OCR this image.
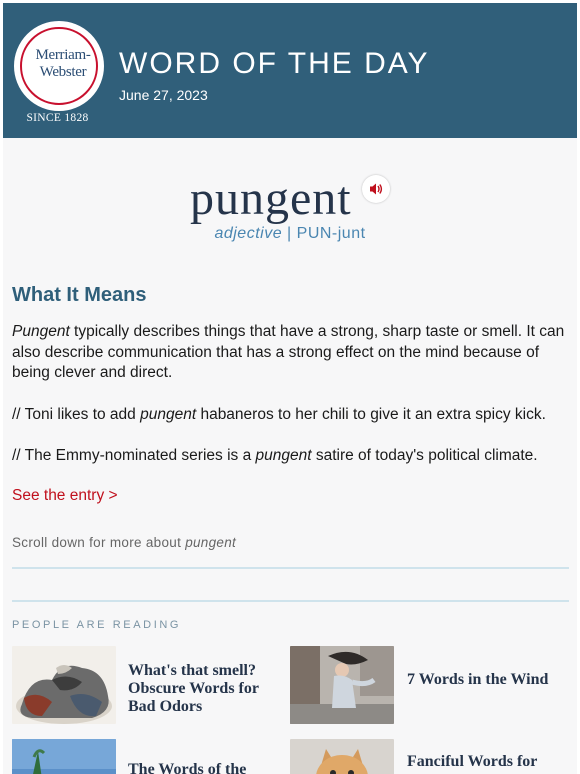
Merriam-
Webster
SINCE 1828
WORD OF THE DAY
June 27, 2023
pungent
adjective | PUN-junt
What It Means
Pungent typically describes things that have a strong, sharp taste or smell. It can also describe communication that has a strong effect on the mind because of being clever and direct.
// Toni likes to add pungent habaneros to her chili to give it an extra spicy kick.
// The Emmy-nominated series is a pungent satire of today's political climate.
See the entry >
Scroll down for more about pungent
PEOPLE ARE READING
What's that smell? Obscure Words for Bad Odors
7 Words in the Wind
The Words of the	Fanciful Words for
